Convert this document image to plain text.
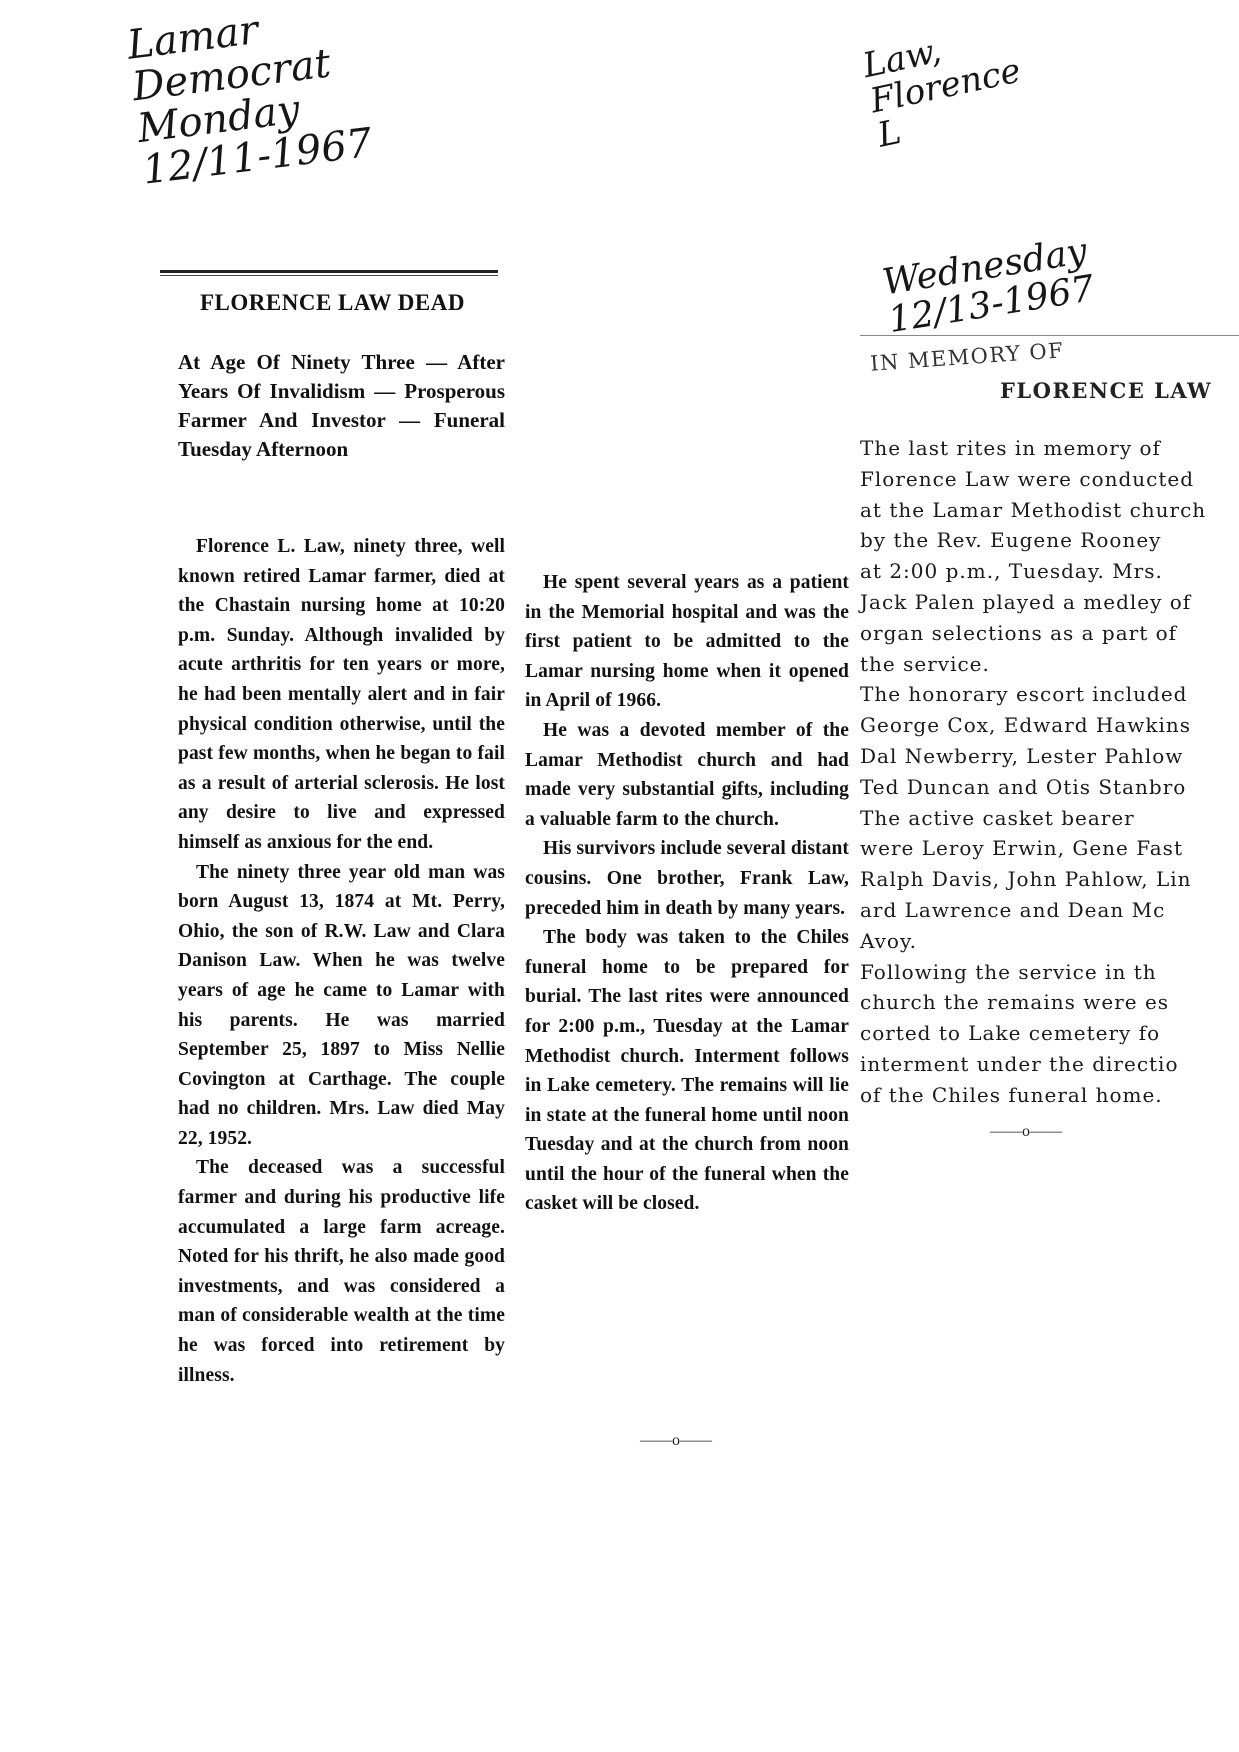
Lamar
Democrat
Monday
12/11-1967
Law,
Florence
L
Wednesday
12/13-1967
FLORENCE LAW DEAD
At Age Of Ninety Three — After Years Of Invalidism — Prosperous Farmer And Investor — Funeral Tuesday Afternoon

Florence L. Law, ninety three, well known retired Lamar farmer, died at the Chastain nursing home at 10:20 p.m. Sunday. Although invalided by acute arthritis for ten years or more, he had been mentally alert and in fair physical condition otherwise, until the past few months, when he began to fail as a result of arterial sclerosis. He lost any desire to live and expressed himself as anxious for the end.

The ninety three year old man was born August 13, 1874 at Mt. Perry, Ohio, the son of R.W. Law and Clara Danison Law. When he was twelve years of age he came to Lamar with his parents. He was married September 25, 1897 to Miss Nellie Covington at Carthage. The couple had no children. Mrs. Law died May 22, 1952.

The deceased was a successful farmer and during his productive life accumulated a large farm acreage. Noted for his thrift, he also made good investments, and was considered a man of considerable wealth at the time he was forced into retirement by illness.

He spent several years as a patient in the Memorial hospital and was the first patient to be admitted to the Lamar nursing home when it opened in April of 1966.

He was a devoted member of the Lamar Methodist church and had made very substantial gifts, including a valuable farm to the church.

His survivors include several distant cousins. One brother, Frank Law, preceded him in death by many years.

The body was taken to the Chiles funeral home to be prepared for burial. The last rites were announced for 2:00 p.m., Tuesday at the Lamar Methodist church. Interment follows in Lake cemetery. The remains will lie in state at the funeral home until noon Tuesday and at the church from noon until the hour of the funeral when the casket will be closed.

——o——
IN MEMORY OF
FLORENCE LAW

The last rites in memory of
Florence Law were conducted
at the Lamar Methodist church
by the Rev. Eugene Rooney
at 2:00 p.m., Tuesday. Mrs.
Jack Palen played a medley of
organ selections as a part of
the service.
The honorary escort included
George Cox, Edward Hawkins
Dal Newberry, Lester Pahlow
Ted Duncan and Otis Stanbro
The active casket bearer
were Leroy Erwin, Gene Fast
Ralph Davis, John Pahlow, Lin
ard Lawrence and Dean Mc
Avoy.
Following the service in th
church the remains were es
corted to Lake cemetery fo
interment under the directio
of the Chiles funeral home.

——o——
